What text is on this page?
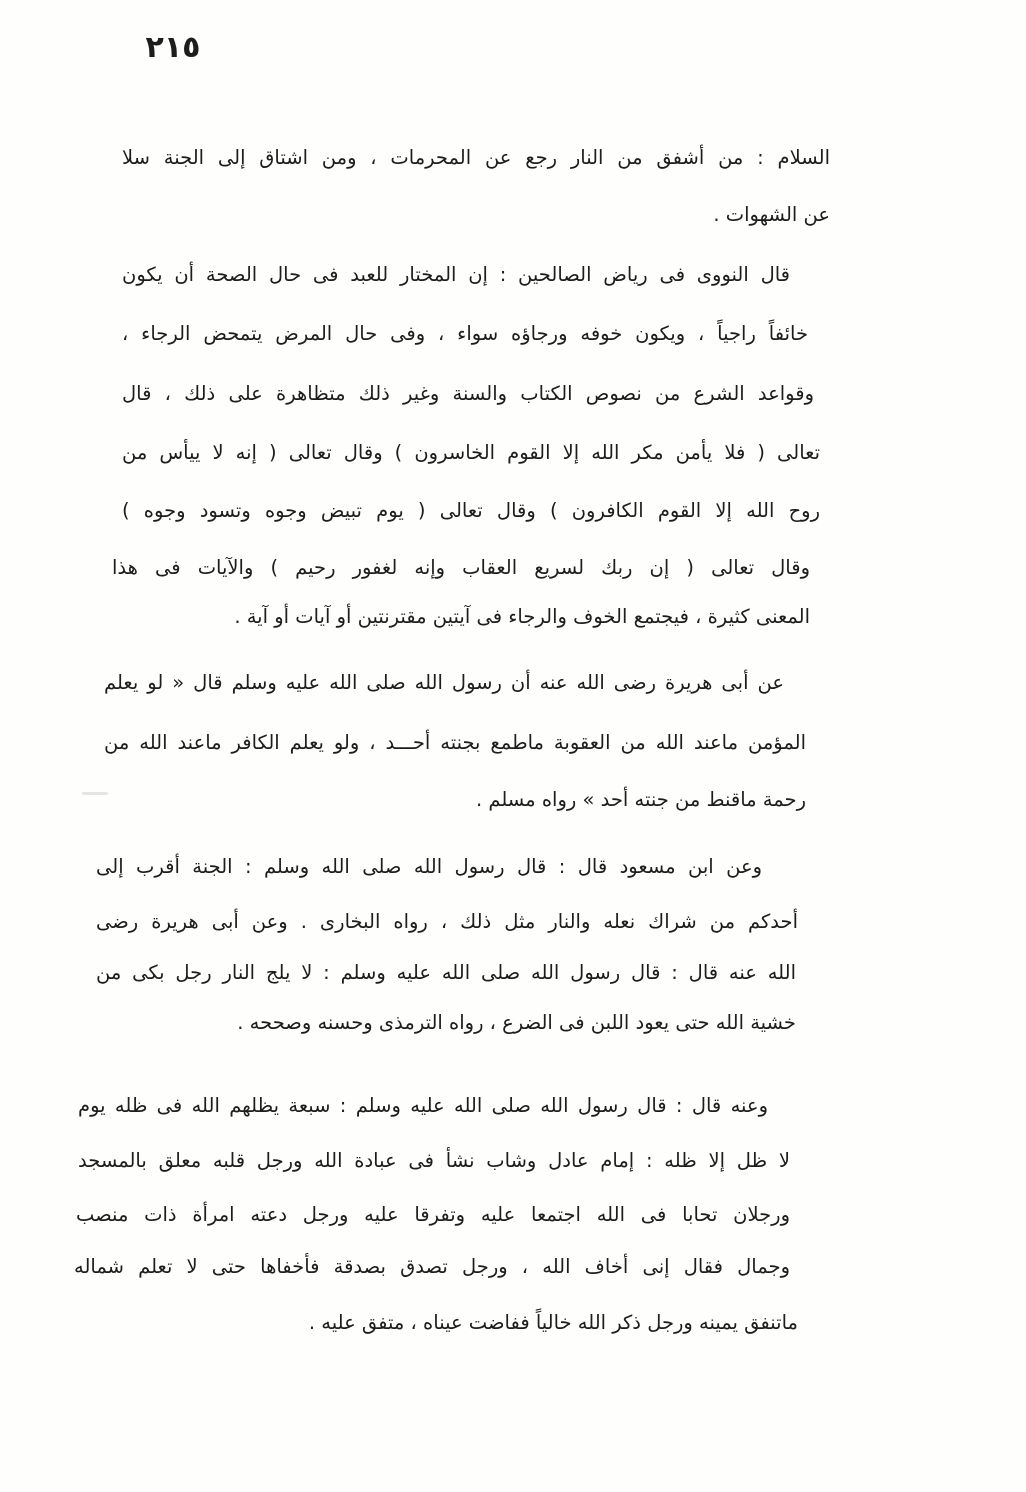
٢١٥
السلام : من أشفق من النار رجع عن المحرمات ، ومن اشتاق إلى الجنة سلا
عن الشهوات .
قال النووى فى رياض الصالحين : إن المختار للعبد فى حال الصحة أن يكون
خائفاً راجياً ، ويكون خوفه ورجاؤه سواء ، وفى حال المرض يتمحض الرجاء ،
وقواعد الشرع من نصوص الكتاب والسنة وغير ذلك متظاهرة على ذلك ، قال
تعالى ( فلا يأمن مكر الله إلا القوم الخاسرون ) وقال تعالى ( إنه لا ييأس من
روح الله إلا القوم الكافرون ) وقال تعالى ( يوم تبيض وجوه وتسود وجوه )
وقال تعالى ( إن ربك لسريع العقاب وإنه لغفور رحيم ) والآيات فى هذا
المعنى كثيرة ، فيجتمع الخوف والرجاء فى آيتين مقترنتين أو آيات أو آية .
عن أبى هريرة رضى الله عنه أن رسول الله صلى الله عليه وسلم قال « لو يعلم
المؤمن ماعند الله من العقوبة ماطمع بجنته أحـــد ، ولو يعلم الكافر ماعند الله من
رحمة ماقنط من جنته أحد » رواه مسلم .
وعن ابن مسعود قال : قال رسول الله صلى الله وسلم : الجنة أقرب إلى
أحدكم من شراك نعله والنار مثل ذلك ، رواه البخارى . وعن أبى هريرة رضى
الله عنه قال : قال رسول الله صلى الله عليه وسلم : لا يلج النار رجل بكى من
خشية الله حتى يعود اللبن فى الضرع ، رواه الترمذى وحسنه وصححه .
وعنه قال : قال رسول الله صلى الله عليه وسلم : سبعة يظلهم الله فى ظله يوم
لا ظل إلا ظله : إمام عادل وشاب نشأ فى عبادة الله ورجل قلبه معلق بالمسجد
ورجلان تحابا فى الله اجتمعا عليه وتفرقا عليه ورجل دعته امرأة ذات منصب
وجمال فقال إنى أخاف الله ، ورجل تصدق بصدقة فأخفاها حتى لا تعلم شماله
ماتنفق يمينه ورجل ذكر الله خالياً ففاضت عيناه ، متفق عليه .
